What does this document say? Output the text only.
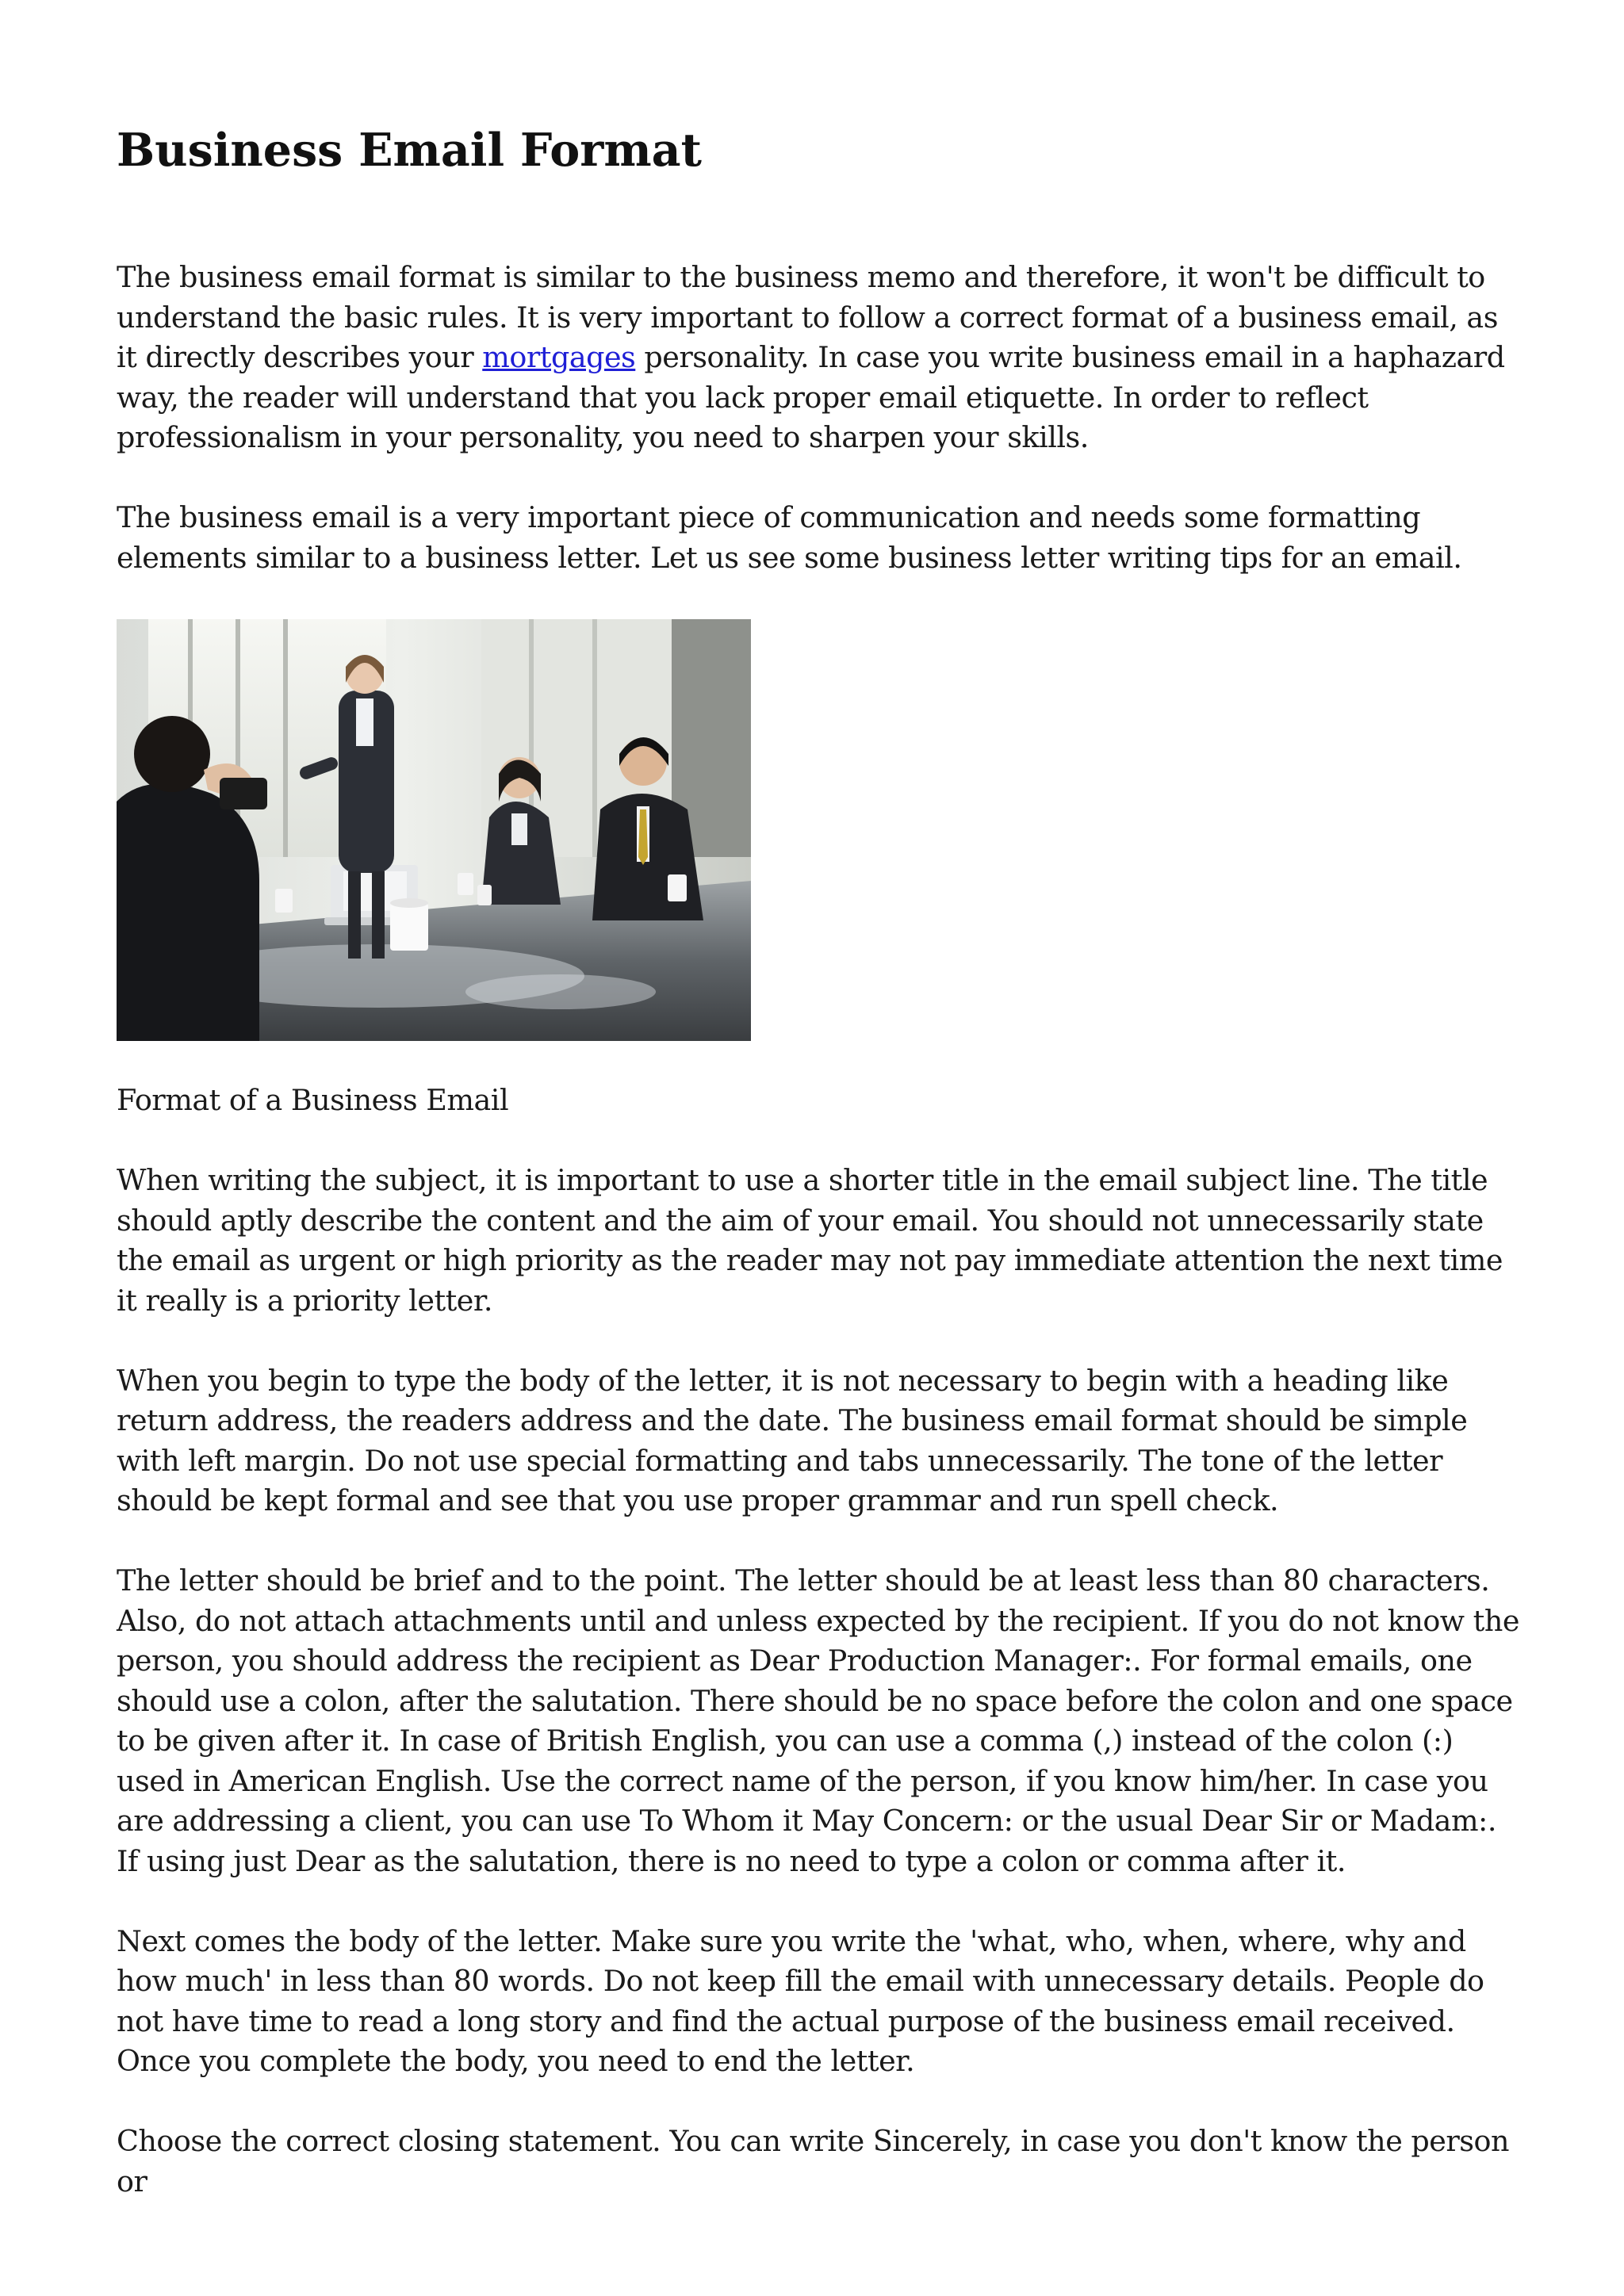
Business Email Format

The business email format is similar to the business memo and therefore, it won't be difficult to understand the basic rules. It is very important to follow a correct format of a business email, as it directly describes your mortgages personality. In case you write business email in a haphazard way, the reader will understand that you lack proper email etiquette. In order to reflect professionalism in your personality, you need to sharpen your skills.

The business email is a very important piece of communication and needs some formatting elements similar to a business letter. Let us see some business letter writing tips for an email.

Format of a Business Email

When writing the subject, it is important to use a shorter title in the email subject line. The title should aptly describe the content and the aim of your email. You should not unnecessarily state the email as urgent or high priority as the reader may not pay immediate attention the next time it really is a priority letter.

When you begin to type the body of the letter, it is not necessary to begin with a heading like return address, the readers address and the date. The business email format should be simple with left margin. Do not use special formatting and tabs unnecessarily. The tone of the letter should be kept formal and see that you use proper grammar and run spell check.

The letter should be brief and to the point. The letter should be at least less than 80 characters. Also, do not attach attachments until and unless expected by the recipient. If you do not know the person, you should address the recipient as Dear Production Manager:. For formal emails, one should use a colon, after the salutation. There should be no space before the colon and one space to be given after it. In case of British English, you can use a comma (,) instead of the colon (:) used in American English. Use the correct name of the person, if you know him/her. In case you are addressing a client, you can use To Whom it May Concern: or the usual Dear Sir or Madam:. If using just Dear as the salutation, there is no need to type a colon or comma after it.

Next comes the body of the letter. Make sure you write the 'what, who, when, where, why and how much' in less than 80 words. Do not keep fill the email with unnecessary details. People do not have time to read a long story and find the actual purpose of the business email received. Once you complete the body, you need to end the letter.

Choose the correct closing statement. You can write Sincerely, in case you don't know the person or
